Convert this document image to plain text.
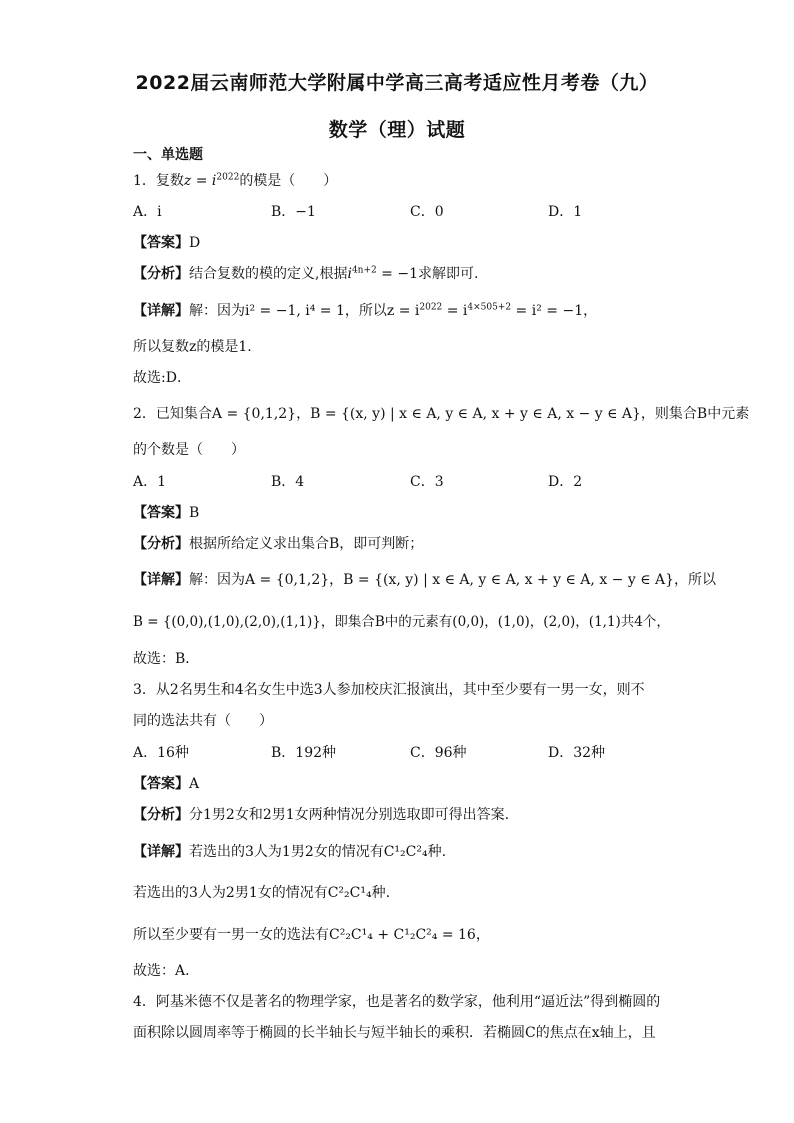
2022届云南师范大学附属中学高三高考适应性月考卷（九）
数学（理）试题
一、单选题
1．复数$z = i^{2022}$的模是（　　）
A．i	B．−1	C．0	D．1
【答案】D
【分析】结合复数的模的定义,根据$i^{4n+2} = -1$求解即可.
【详解】解：因为i² = −1, i⁴ = 1，所以$z = i^{2022} = i^{4\times 505+2} = i^2 = -1$，
所以复数z的模是1.
故选:D．
2．已知集合A = {0,1,2}，B = {(x, y) | x ∈ A, y ∈ A, x + y ∈ A, x − y ∈ A}，则集合B中元素
的个数是（　　）
A．1	B．4	C．3	D．2
【答案】B
【分析】根据所给定义求出集合B，即可判断；
【详解】解：因为A = {0,1,2}，B = {(x, y) | x ∈ A, y ∈ A, x + y ∈ A, x − y ∈ A}，所以
B = {(0,0),(1,0),(2,0),(1,1)}，即集合B中的元素有(0,0)，(1,0)，(2,0)，(1,1)共4个，
故选：B．
3．从2名男生和4名女生中选3人参加校庆汇报演出，其中至少要有一男一女，则不
同的选法共有（　　）
A．16种	B．192种	C．96种	D．32种
【答案】A
【分析】分1男2女和2男1女两种情况分别选取即可得出答案.
【详解】若选出的3人为1男2女的情况有C¹₂C²₄种.
若选出的3人为2男1女的情况有C²₂C¹₄种.
所以至少要有一男一女的选法有C²₂C¹₄ + C¹₂C²₄ = 16，
故选：A．
4．阿基米德不仅是著名的物理学家，也是著名的数学家，他利用“逼近法”得到椭圆的
面积除以圆周率等于椭圆的长半轴长与短半轴长的乘积．若椭圆C的焦点在x轴上，且
